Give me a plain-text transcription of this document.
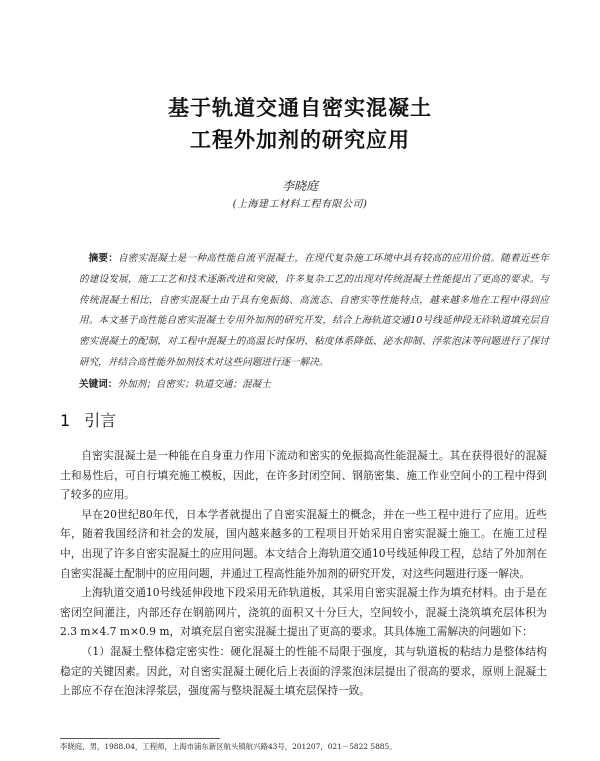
基于轨道交通自密实混凝土
工程外加剂的研究应用
李晓庭
(上海建工材料工程有限公司)
摘要：自密实混凝土是一种高性能自流平混凝土，在现代复杂施工环境中具有较高的应用价值。随着近些年的建设发展，施工工艺和技术逐渐改进和突破，许多复杂工艺的出现对传统混凝土性能提出了更高的要求。与传统混凝土相比，自密实混凝土由于具有免振捣、高流态、自密实等性能特点，越来越多地在工程中得到应用。本文基于高性能自密实混凝土专用外加剂的研究开发，结合上海轨道交通10号线延伸段无砟轨道填充层自密实混凝土的配制，对工程中混凝土的高温长时保坍、粘度体系降低、泌水抑制、浮浆泡沫等问题进行了探讨研究，并结合高性能外加剂技术对这些问题进行逐一解决。
关键词：外加剂；自密实；轨道交通；混凝土
1 引言

自密实混凝土是一种能在自身重力作用下流动和密实的免振捣高性能混凝土。其在获得很好的混凝土和易性后，可自行填充施工模板，因此，在许多封闭空间、钢筋密集、施工作业空间小的工程中得到了较多的应用。

早在20世纪80年代，日本学者就提出了自密实混凝土的概念，并在一些工程中进行了应用。近些年，随着我国经济和社会的发展，国内越来越多的工程项目开始采用自密实混凝土施工。在施工过程中，出现了许多自密实混凝土的应用问题。本文结合上海轨道交通10号线延伸段工程，总结了外加剂在自密实混凝土配制中的应用问题，并通过工程高性能外加剂的研究开发，对这些问题进行逐一解决。

上海轨道交通10号线延伸段地下段采用无砟轨道板，其采用自密实混凝土作为填充材料。由于是在密闭空间灌注，内部还存在钢筋网片，浇筑的面积又十分巨大，空间较小，混凝土浇筑填充层体积为2.3 m×4.7 m×0.9 m，对填充层自密实混凝土提出了更高的要求。其具体施工需解决的问题如下：

（1）混凝土整体稳定密实性：硬化混凝土的性能不局限于强度，其与轨道板的粘结力是整体结构稳定的关键因素。因此，对自密实混凝土硬化后上表面的浮浆泡沫层提出了很高的要求，原则上混凝土上部应不存在泡沫浮浆层，强度需与整块混凝土填充层保持一致。

李晓庭，男，1988.04，工程师，上海市浦东新区航头镇航兴路43号，201207，021－5822 5885。
